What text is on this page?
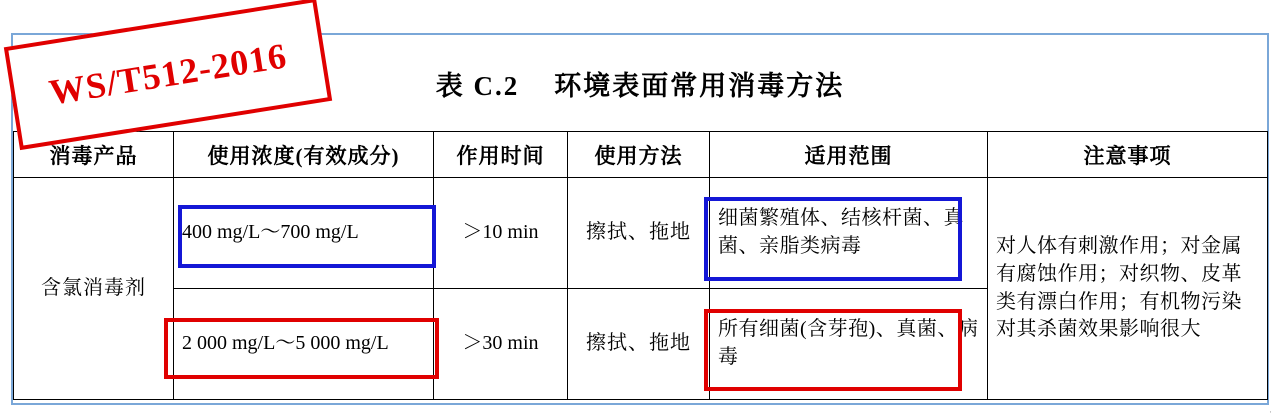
表 C.2    环境表面常用消毒方法
消毒产品	使用浓度(有效成分)	作用时间	使用方法	适用范围	注意事项
含氯消毒剂	400 mg/L～700 mg/L	＞10 min	擦拭、拖地	细菌繁殖体、结核杆菌、真菌、亲脂类病毒	对人体有刺激作用；对金属有腐蚀作用；对织物、皮革类有漂白作用；有机物污染对其杀菌效果影响很大
	2 000 mg/L～5 000 mg/L	＞30 min	擦拭、拖地	所有细菌(含芽孢)、真菌、病毒	
WS/T512-2016
·
